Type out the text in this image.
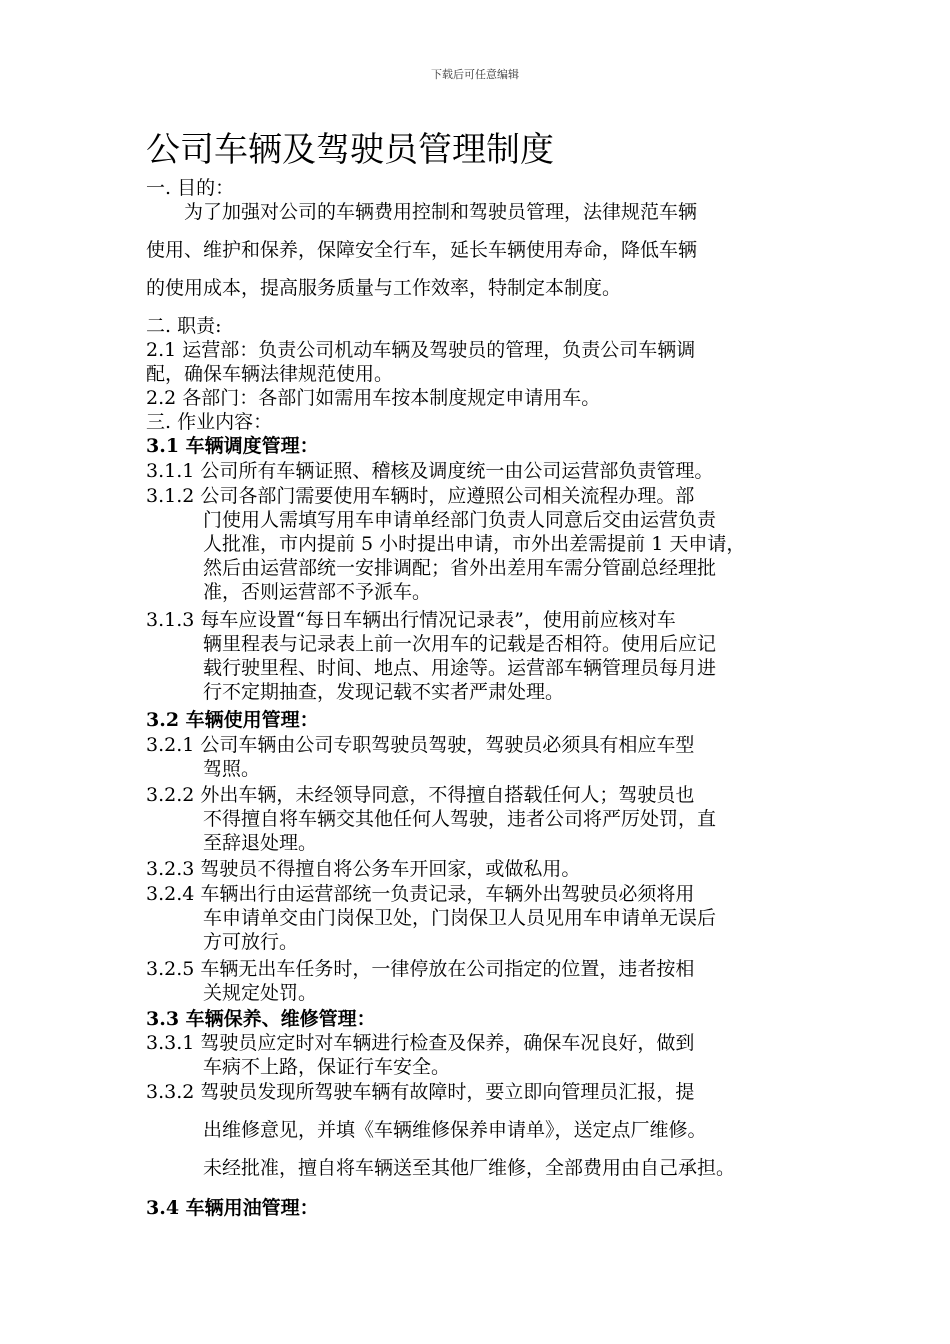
下载后可任意编辑
公司车辆及驾驶员管理制度
一. 目的：
为了加强对公司的车辆费用控制和驾驶员管理，法律规范车辆
使用、维护和保养，保障安全行车，延长车辆使用寿命，降低车辆
的使用成本，提高服务质量与工作效率，特制定本制度。
二. 职责:
2.1 运营部：负责公司机动车辆及驾驶员的管理，负责公司车辆调
配，确保车辆法律规范使用。
2.2 各部门：各部门如需用车按本制度规定申请用车。
三. 作业内容：
3.1 车辆调度管理：
3.1.1 公司所有车辆证照、稽核及调度统一由公司运营部负责管理。
3.1.2 公司各部门需要使用车辆时，应遵照公司相关流程办理。部
门使用人需填写用车申请单经部门负责人同意后交由运营负责
人批准，市内提前 5 小时提出申请，市外出差需提前 1 天申请，
然后由运营部统一安排调配；省外出差用车需分管副总经理批
准，否则运营部不予派车。
3.1.3 每车应设置“每日车辆出行情况记录表”，使用前应核对车
辆里程表与记录表上前一次用车的记载是否相符。使用后应记
载行驶里程、时间、地点、用途等。运营部车辆管理员每月进
行不定期抽查，发现记载不实者严肃处理。
3.2 车辆使用管理：
3.2.1 公司车辆由公司专职驾驶员驾驶，驾驶员必须具有相应车型
驾照。
3.2.2 外出车辆，未经领导同意，不得擅自搭载任何人；驾驶员也
不得擅自将车辆交其他任何人驾驶，违者公司将严厉处罚，直
至辞退处理。
3.2.3 驾驶员不得擅自将公务车开回家，或做私用。
3.2.4 车辆出行由运营部统一负责记录，车辆外出驾驶员必须将用
车申请单交由门岗保卫处，门岗保卫人员见用车申请单无误后
方可放行。
3.2.5 车辆无出车任务时，一律停放在公司指定的位置，违者按相
关规定处罚。
3.3 车辆保养、维修管理：
3.3.1 驾驶员应定时对车辆进行检查及保养，确保车况良好，做到
车病不上路，保证行车安全。
3.3.2 驾驶员发现所驾驶车辆有故障时，要立即向管理员汇报，提
出维修意见，并填《车辆维修保养申请单》，送定点厂维修。
未经批准，擅自将车辆送至其他厂维修，全部费用由自己承担。
3.4 车辆用油管理：
